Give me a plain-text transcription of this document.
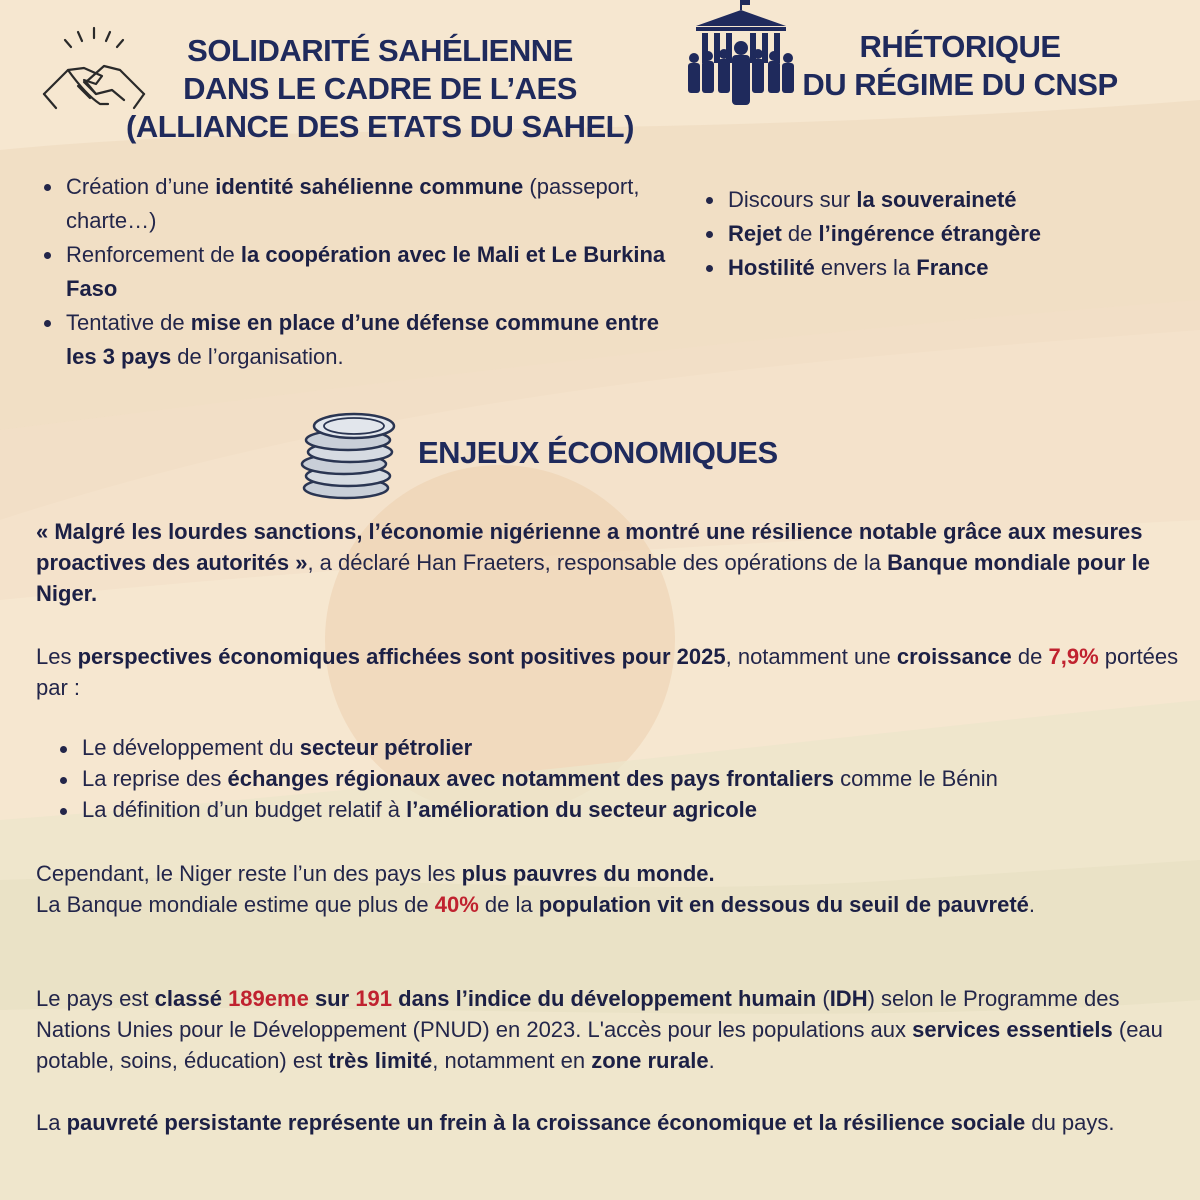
SOLIDARITÉ SAHÉLIENNE
DANS LE CADRE DE L’AES
(ALLIANCE DES ETATS DU SAHEL)
RHÉTORIQUE
DU RÉGIME DU CNSP
Création d’une identité sahélienne commune (passeport, charte…)
Renforcement de la coopération avec le Mali et Le Burkina Faso
Tentative de mise en place d’une défense commune entre les 3 pays de l’organisation.
Discours sur la souveraineté
Rejet de l’ingérence étrangère
Hostilité envers la France
ENJEUX ÉCONOMIQUES

« Malgré les lourdes sanctions, l’économie nigérienne a montré une résilience notable grâce aux mesures proactives des autorités », a déclaré Han Fraeters, responsable des opérations de la Banque mondiale pour le Niger.

Les perspectives économiques affichées sont positives pour 2025, notamment une croissance de 7,9% portées par :

Le développement du secteur pétrolier
La reprise des échanges régionaux avec notamment des pays frontaliers comme le Bénin
La définition d’un budget relatif à l’amélioration du secteur agricole

Cependant, le Niger reste l’un des pays les plus pauvres du monde.
La Banque mondiale estime que plus de 40% de la population vit en dessous du seuil de pauvreté.

Le pays est classé 189eme sur 191 dans l’indice du développement humain (IDH) selon le Programme des Nations Unies pour le Développement (PNUD) en 2023. L'accès pour les populations aux services essentiels (eau potable, soins, éducation) est très limité, notamment en zone rurale.

La pauvreté persistante représente un frein à la croissance économique et la résilience sociale du pays.
